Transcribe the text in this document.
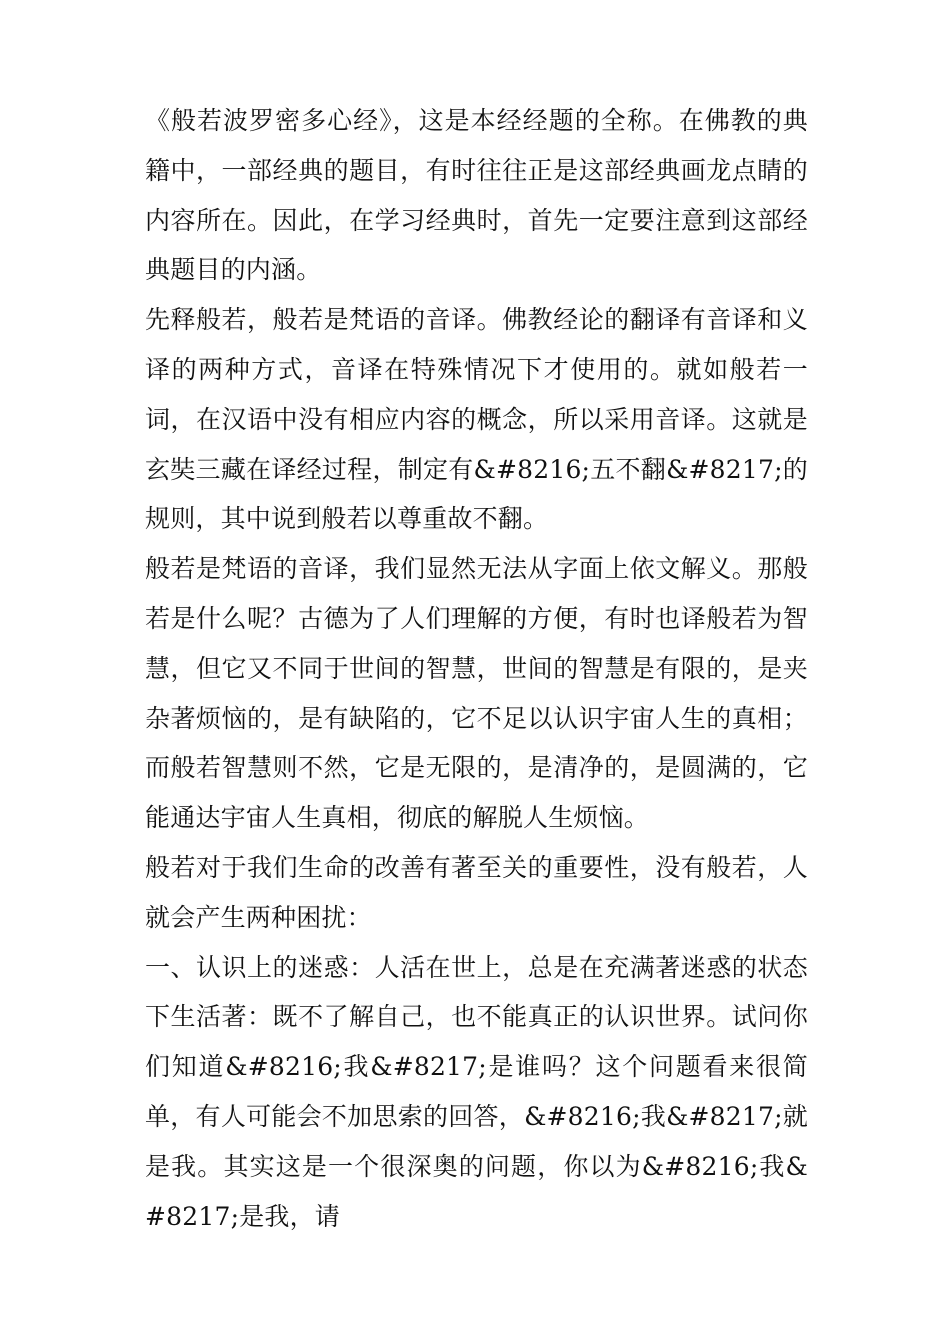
《般若波罗密多心经》，这是本经经题的全称。在佛教的典籍中，一部经典的题目，有时往往正是这部经典画龙点睛的内容所在。因此，在学习经典时，首先一定要注意到这部经典题目的内涵。

先释般若，般若是梵语的音译。佛教经论的翻译有音译和义译的两种方式，音译在特殊情况下才使用的。就如般若一词，在汉语中没有相应内容的概念，所以采用音译。这就是玄奘三藏在译经过程，制定有&#8216;五不翻&#8217;的规则，其中说到般若以尊重故不翻。

般若是梵语的音译，我们显然无法从字面上依文解义。那般若是什么呢？古德为了人们理解的方便，有时也译般若为智慧，但它又不同于世间的智慧，世间的智慧是有限的，是夹杂著烦恼的，是有缺陷的，它不足以认识宇宙人生的真相；而般若智慧则不然，它是无限的，是清净的，是圆满的，它能通达宇宙人生真相，彻底的解脱人生烦恼。

般若对于我们生命的改善有著至关的重要性，没有般若，人就会产生两种困扰：

一、认识上的迷惑：人活在世上，总是在充满著迷惑的状态下生活著：既不了解自己，也不能真正的认识世界。试问你们知道&#8216;我&#8217;是谁吗？这个问题看来很简单，有人可能会不加思索的回答，&#8216;我&#8217;就是我。其实这是一个很深奥的问题，你以为&#8216;我&#8217;是我，请
